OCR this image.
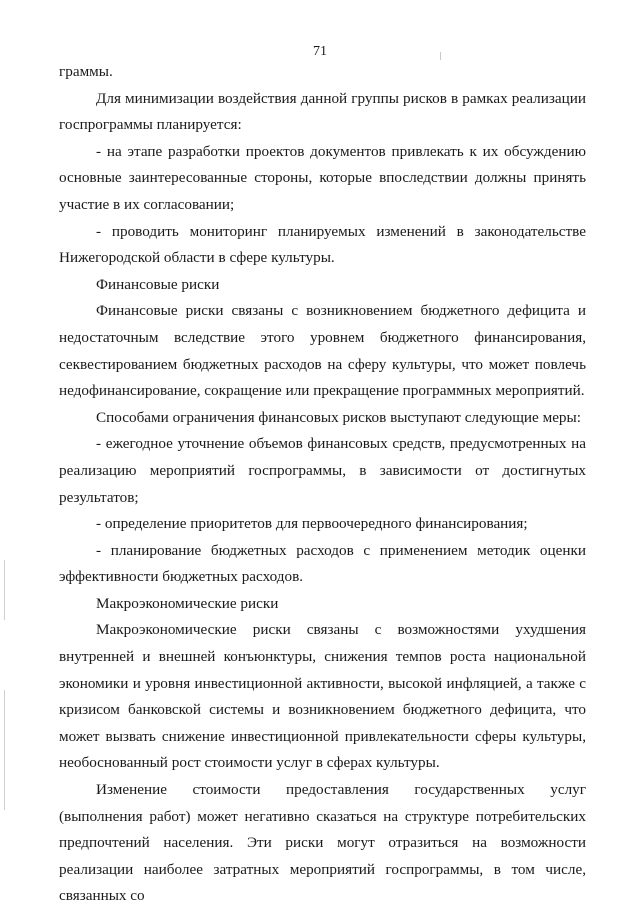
71

граммы.

Для минимизации воздействия данной группы рисков в рамках реализации госпрограммы планируется:

- на этапе разработки проектов документов привлекать к их обсуждению основные заинтересованные стороны, которые впоследствии должны принять участие в их согласовании;

- проводить мониторинг планируемых изменений в законодательстве Нижегородской области в сфере культуры.

Финансовые риски

Финансовые риски связаны с возникновением бюджетного дефицита и недостаточным вследствие этого уровнем бюджетного финансирования, секвестированием бюджетных расходов на сферу культуры, что может повлечь недофинансирование, сокращение или прекращение программных мероприятий.

Способами ограничения финансовых рисков выступают следующие меры:

- ежегодное уточнение объемов финансовых средств, предусмотренных на реализацию мероприятий госпрограммы, в зависимости от достигнутых результатов;

- определение приоритетов для первоочередного финансирования;

- планирование бюджетных расходов с применением методик оценки эффективности бюджетных расходов.

Макроэкономические риски

Макроэкономические риски связаны с возможностями ухудшения внутренней и внешней конъюнктуры, снижения темпов роста национальной экономики и уровня инвестиционной активности, высокой инфляцией, а также с кризисом банковской системы и возникновением бюджетного дефицита, что может вызвать снижение инвестиционной привлекательности сферы культуры, необоснованный рост стоимости услуг в сферах культуры.

Изменение стоимости предоставления государственных услуг (выполнения работ) может негативно сказаться на структуре потребительских предпочтений населения. Эти риски могут отразиться на возможности реализации наиболее затратных мероприятий госпрограммы, в том числе, связанных со
